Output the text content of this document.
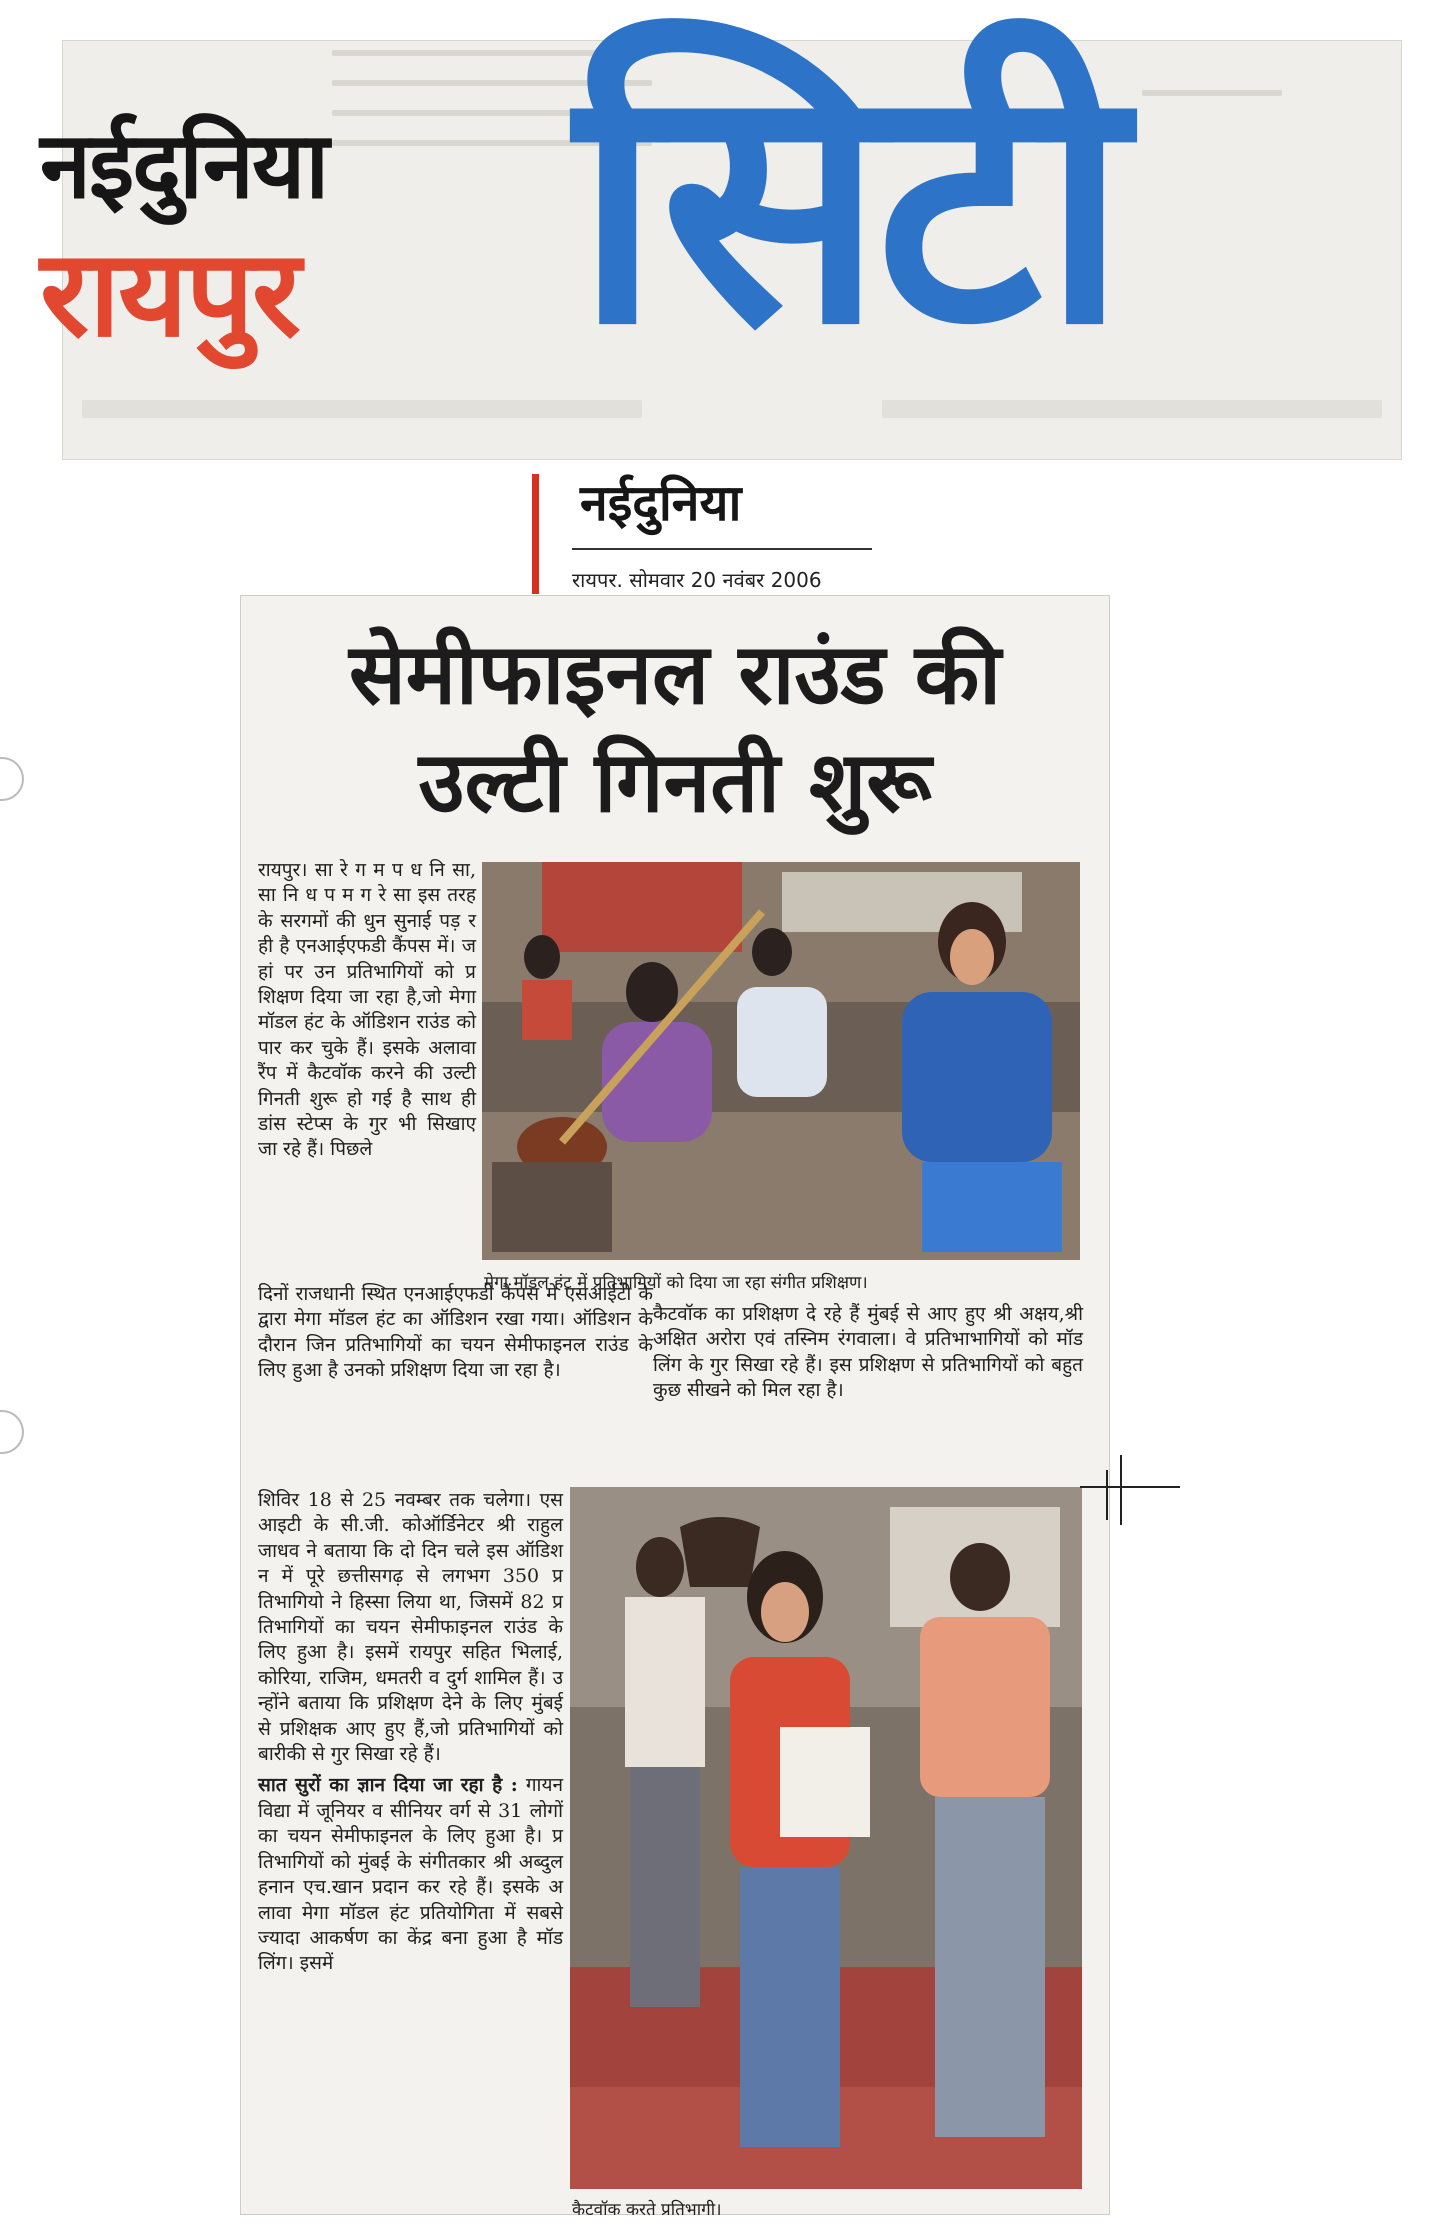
नईदुनिया
रायपुर सिटी
नईदुनिया
रायपर. सोमवार 20 नवंबर 2006
सेमीफाइनल राउंड की
उल्टी गिनती शुरू

रायपुर। सा रे ग म प ध नि सा, सा नि ध प म ग रे सा इस तरह के सरगमों की धुन सुनाई पड़ रही है एनआईएफडी कैंपस में। जहां पर उन प्रतिभागियों को प्रशिक्षण दिया जा रहा है,जो मेगा मॉडल हंट के ऑडिशन राउंड को पार कर चुके हैं। इसके अलावा रैंप में कैटवॉक करने की उल्टी गिनती शुरू हो गई है साथ ही डांस स्टेप्स के गुर भी सिखाए जा रहे हैं। पिछले

मेगा मॉडल हंट में प्रतिभागियों को दिया जा रहा संगीत प्रशिक्षण।

दिनों राजधानी स्थित एनआईएफडी कैंपस में एसआईटी के द्वारा मेगा मॉडल हंट का ऑडिशन रखा गया। ऑडिशन के दौरान जिन प्रतिभागियों का चयन सेमीफाइनल राउंड के लिए हुआ है उनको प्रशिक्षण दिया जा रहा है।

कैटवॉक का प्रशिक्षण दे रहे हैं मुंबई से आए हुए श्री अक्षय,श्री अक्षित अरोरा एवं तस्निम रंगवाला। वे प्रतिभाभागियों को मॉडलिंग के गुर सिखा रहे हैं। इस प्रशिक्षण से प्रतिभागियों को बहुत कुछ सीखने को मिल रहा है।

शिविर 18 से 25 नवम्बर तक चलेगा। एसआइटी के सी.जी. कोऑर्डिनेटर श्री राहुल जाधव ने बताया कि दो दिन चले इस ऑडिशन में पूरे छत्तीसगढ़ से लगभग 350 प्रतिभागियो ने हिस्सा लिया था, जिसमें 82 प्रतिभागियों का चयन सेमीफाइनल राउंड के लिए हुआ है। इसमें रायपुर सहित भिलाई, कोरिया, राजिम, धमतरी व दुर्ग शामिल हैं। उन्होंने बताया कि प्रशिक्षण देने के लिए मुंबई से प्रशिक्षक आए हुए हैं,जो प्रतिभागियों को बारीकी से गुर सिखा रहे हैं।

सात सुरों का ज्ञान दिया जा रहा है : गायन विद्या में जूनियर व सीनियर वर्ग से 31 लोगों का चयन सेमीफाइनल के लिए हुआ है। प्रतिभागियों को मुंबई के संगीतकार श्री अब्दुल हनान एच.खान प्रदान कर रहे हैं। इसके अलावा मेगा मॉडल हंट प्रतियोगिता में सबसे ज्यादा आकर्षण का केंद्र बना हुआ है मॉडलिंग। इसमें

कैटवॉक करते प्रतिभागी।
